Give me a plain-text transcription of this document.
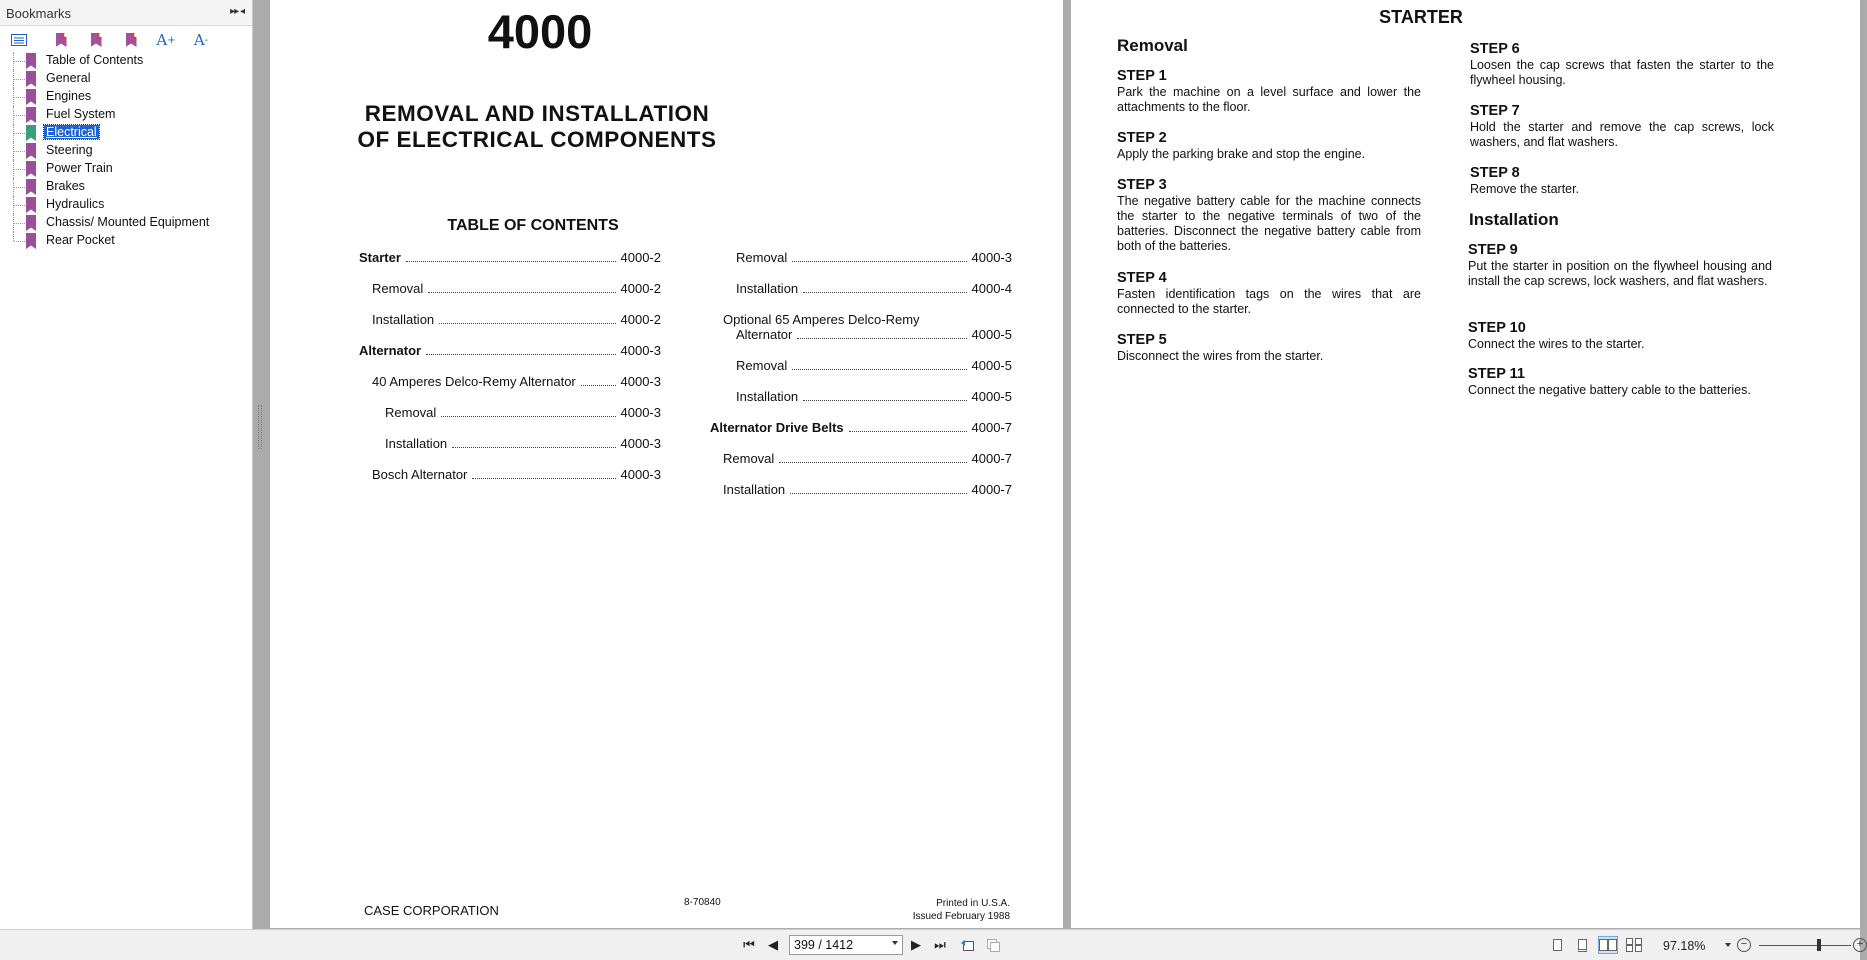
Bookmarks	▸▸ ◂
A + A -
Table of Contents
General
Engines
Fuel System
Electrical
Steering
Power Train
Brakes
Hydraulics
Chassis/ Mounted Equipment
Rear Pocket
4000
REMOVAL AND INSTALLATION
OF ELECTRICAL COMPONENTS
TABLE OF CONTENTS
Starter	4000-2
Removal	4000-2
Installation	4000-2
Alternator	4000-3
40 Amperes Delco-Remy Alternator	4000-3
Removal	4000-3
Installation	4000-3
Bosch Alternator	4000-3
Removal	4000-3
Installation	4000-4
Optional 65 Amperes Delco-Remy
Alternator	4000-5
Removal	4000-5
Installation	4000-5
Alternator Drive Belts	4000-7
Removal	4000-7
Installation	4000-7
CASE CORPORATION
8-70840	Printed in U.S.A.
Issued February 1988
STARTER
Removal
STEP 1
Park the machine on a level surface and lower the attachments to the floor.
STEP 2
Apply the parking brake and stop the engine.
STEP 3
The negative battery cable for the machine connects the starter to the negative terminals of two of the batteries. Disconnect the negative battery cable from both of the batteries.
STEP 4
Fasten identification tags on the wires that are connected to the starter.
STEP 5
Disconnect the wires from the starter.
STEP 6
Loosen the cap screws that fasten the starter to the flywheel housing.
STEP 7
Hold the starter and remove the cap screws, lock washers, and flat washers.
STEP 8
Remove the starter.
Installation
STEP 9
Put the starter in position on the flywheel housing and install the cap screws, lock washers, and flat washers.
STEP 10
Connect the wires to the starter.
STEP 11
Connect the negative battery cable to the batteries.
⏮	◀
399 / 1412	▶	⏭	97.18%	−	+
